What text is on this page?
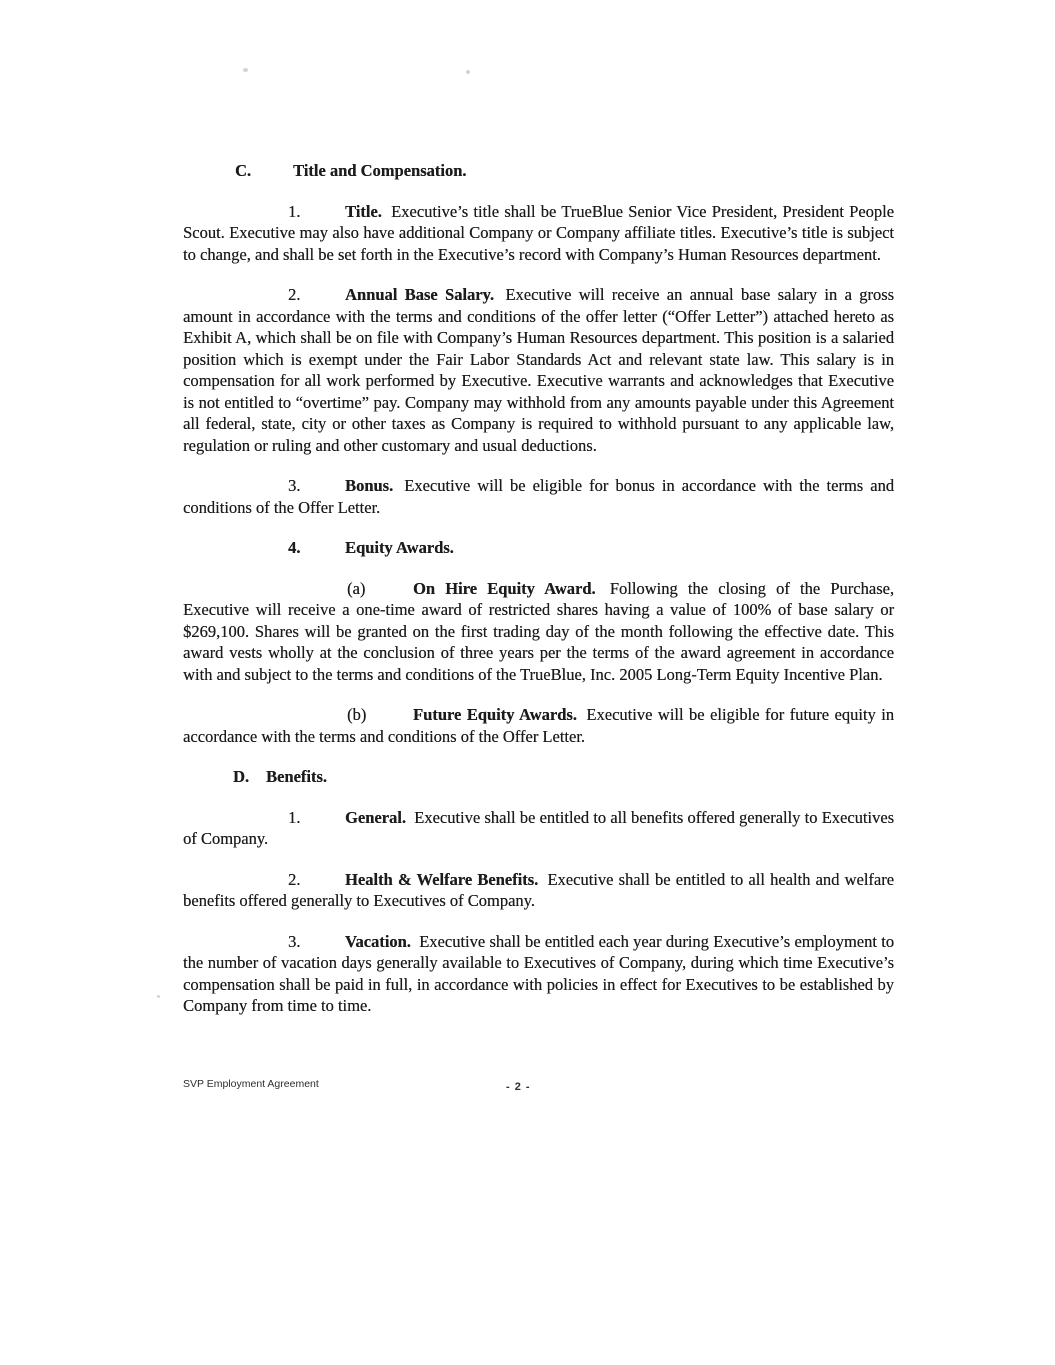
C.	Title and Compensation.

1.	Title. Executive’s title shall be TrueBlue Senior Vice President, President People Scout. Executive may also have additional Company or Company affiliate titles. Executive’s title is subject to change, and shall be set forth in the Executive’s record with Company’s Human Resources department.

2.	Annual Base Salary. Executive will receive an annual base salary in a gross amount in accordance with the terms and conditions of the offer letter (“Offer Letter”) attached hereto as Exhibit A, which shall be on file with Company’s Human Resources department. This position is a salaried position which is exempt under the Fair Labor Standards Act and relevant state law. This salary is in compensation for all work performed by Executive. Executive warrants and acknowledges that Executive is not entitled to “overtime” pay. Company may withhold from any amounts payable under this Agreement all federal, state, city or other taxes as Company is required to withhold pursuant to any applicable law, regulation or ruling and other customary and usual deductions.

3.	Bonus. Executive will be eligible for bonus in accordance with the terms and conditions of the Offer Letter.

4.	Equity Awards.

(a)	On Hire Equity Award. Following the closing of the Purchase, Executive will receive a one-time award of restricted shares having a value of 100% of base salary or $269,100. Shares will be granted on the first trading day of the month following the effective date. This award vests wholly at the conclusion of three years per the terms of the award agreement in accordance with and subject to the terms and conditions of the TrueBlue, Inc. 2005 Long-Term Equity Incentive Plan.

(b)	Future Equity Awards. Executive will be eligible for future equity in accordance with the terms and conditions of the Offer Letter.

D. Benefits.

1.	General. Executive shall be entitled to all benefits offered generally to Executives of Company.

2.	Health & Welfare Benefits. Executive shall be entitled to all health and welfare benefits offered generally to Executives of Company.

3.	Vacation. Executive shall be entitled each year during Executive’s employment to the number of vacation days generally available to Executives of Company, during which time Executive’s compensation shall be paid in full, in accordance with policies in effect for Executives to be established by Company from time to time.

SVP Employment Agreement	- 2 -
